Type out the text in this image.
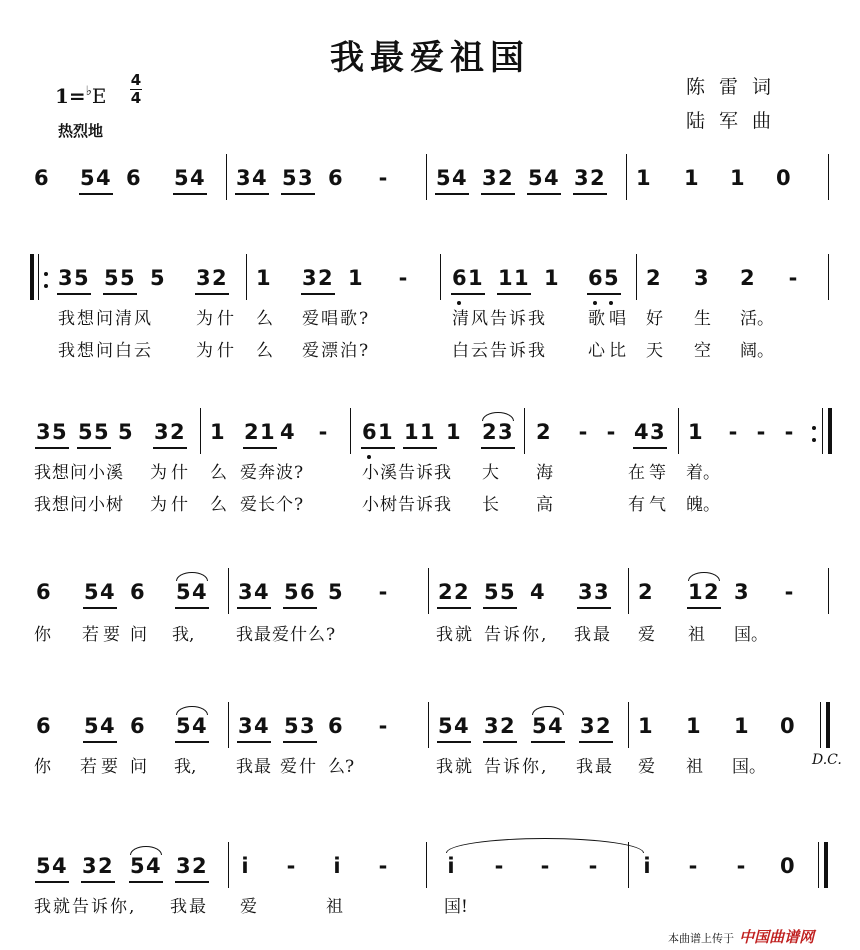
我最爱祖国
1=♭E
4
4
热烈地
陈雷词
陆军曲
6 5 4 6 5 4 3 4 5 3 6 - 5 4 3 2 5 4 3 2 1 1 1 0
3 5 5 5 5 3 2 1 3 2 1 - 6 1 1 1 1 6 5 2 3 2 -
我想问清风	为什 么 爱唱歌?	清风告诉我 歌唱 好 生 活。
我想问白云	为什 么 爱漂泊?	白云告诉我 心比 天 空 阔。
3 5 5 5 5 3 2 1 2 1 4 - 6 1 1 1 1 2 3 2 - - 4 3 1 - - -
我想问小溪 为什 么 爱奔波?	小溪告诉我 大 海	在等 着。
我想问小树 为什 么 爱长个?	小树告诉我 长 高	有气 魄。
6 5 4 6 5 4 3 4 5 6 5 - 2 2 5 5 4 3 3 2 1 2 3 -
你 若要 问 我, 我最爱什么?	我就 告诉你, 我最 爱 祖 国。
6 5 4 6 5 4 3 4 5 3 6 - 5 4 3 2 5 4 3 2 1 1 1 0
你 若要 问 我, 我最 爱什 么?	我就 告诉你, 我最 爱 祖 国。	D.C.
5 4 3 2 5 4 3 2 i - i -	i - - - i - - 0
我就告诉你, 我最 爱	祖	国!
本曲谱上传于 中国曲谱网
